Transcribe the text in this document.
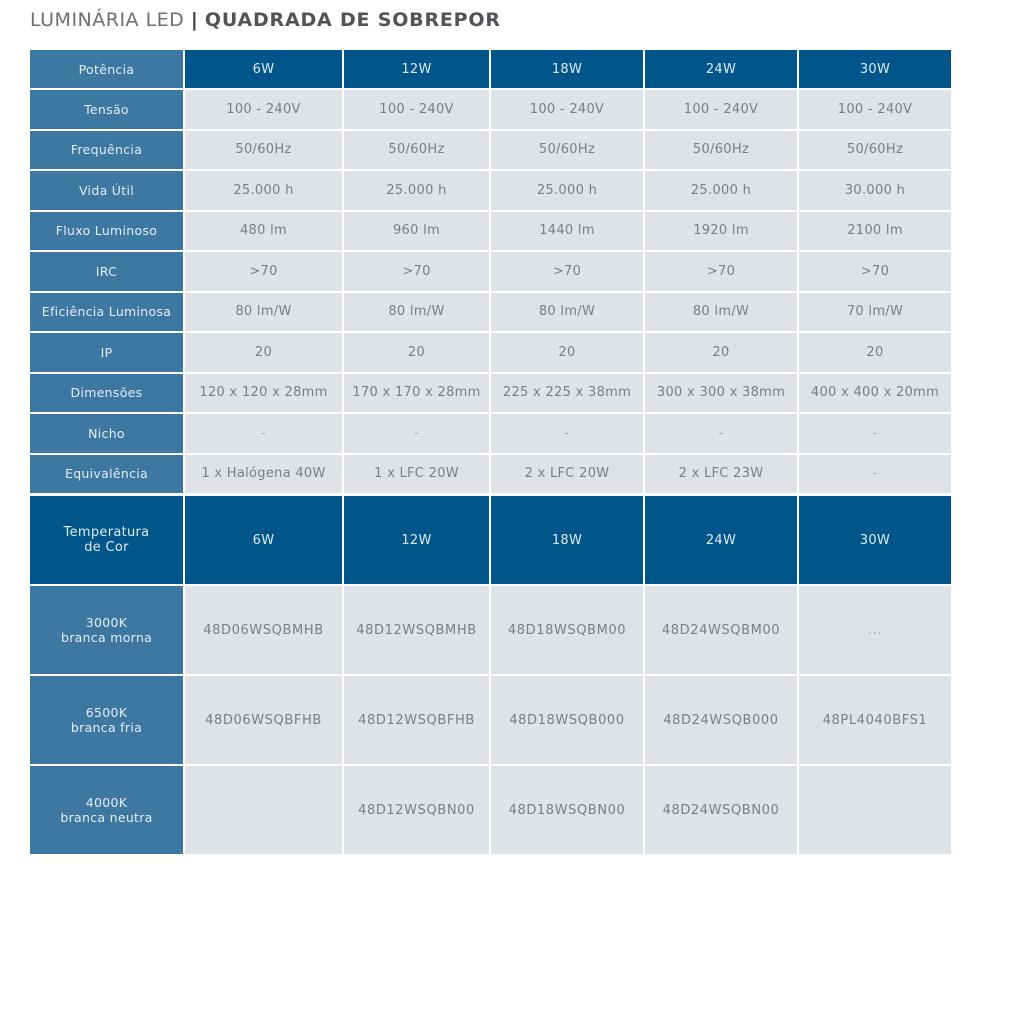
LUMINÁRIA LED | QUADRADA DE SOBREPOR
Potência	6W	12W	18W	24W	30W
Tensão	100 - 240V	100 - 240V	100 - 240V	100 - 240V	100 - 240V
Frequência	50/60Hz	50/60Hz	50/60Hz	50/60Hz	50/60Hz
Vida Útil	25.000 h	25.000 h	25.000 h	25.000 h	30.000 h
Fluxo Luminoso	480 lm	960 lm	1440 lm	1920 lm	2100 lm
IRC	>70	>70	>70	>70	>70
Eficiência Luminosa	80 lm/W	80 lm/W	80 lm/W	80 lm/W	70 lm/W
IP	20	20	20	20	20
Dimensões	120 x 120 x 28mm	170 x 170 x 28mm	225 x 225 x 38mm	300 x 300 x 38mm	400 x 400 x 20mm
Nicho	-	-	-	-	-
Equivalência	1 x Halógena 40W	1 x LFC 20W	2 x LFC 20W	2 x LFC 23W	-
Temperatura
de Cor	6W	12W	18W	24W	30W

3000K
branca morna	48D06WSQBMHB	48D12WSQBMHB	48D18WSQBM00	48D24WSQBM00	...

6500K
branca fria	48D06WSQBFHB	48D12WSQBFHB	48D18WSQB000	48D24WSQB000	48PL4040BFS1

4000K
branca neutra		48D12WSQBN00	48D18WSQBN00	48D24WSQBN00	
